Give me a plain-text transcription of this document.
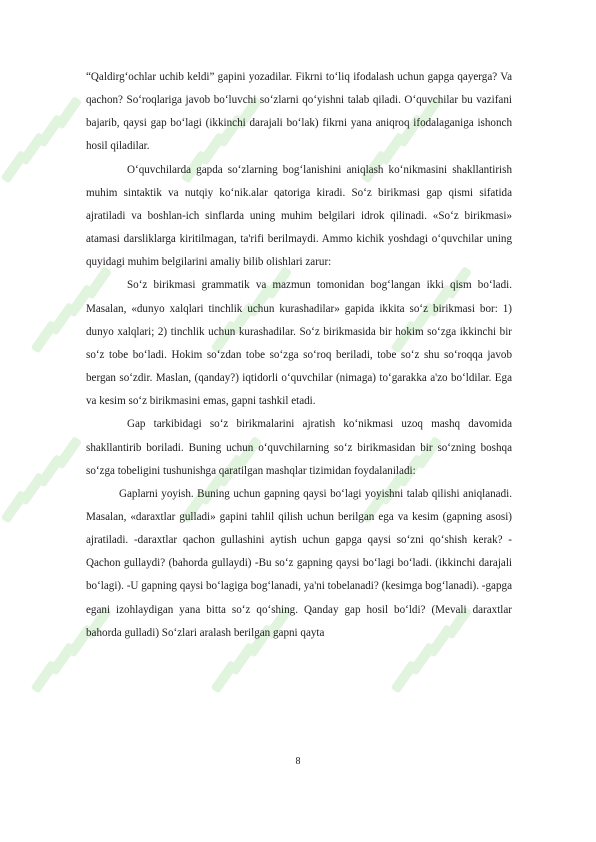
“Qaldirg‘ochlar uchib keldi” gapini yozadilar. Fikrni to‘liq ifodalash uchun gapga qayerga? Va qachon? So‘roqlariga javob bo‘luvchi so‘zlarni qo‘yishni talab qiladi. O‘quvchilar bu vazifani bajarib, qaysi gap bo‘lagi (ikkinchi darajali bo‘lak) fikrni yana aniqroq ifodalaganiga ishonch hosil qiladilar.

O‘quvchilarda gapda so‘zlarning bog‘lanishini aniqlash ko‘nikmasini shakllantirish muhim sintaktik va nutqiy ko‘nik.alar qatoriga kiradi. So‘z birikmasi gap qismi sifatida ajratiladi va boshlan-ich sinflarda uning muhim belgilari idrok qilinadi. «So‘z birikmasi» atamasi darsliklarga kiritilmagan, ta'rifi berilmaydi. Ammo kichik yoshdagi o‘quvchilar uning quyidagi muhim belgilarini amaliy bilib olishlari zarur:

So‘z birikmasi grammatik va mazmun tomonidan bog‘langan ikki qism bo‘ladi. Masalan, «dunyo xalqlari tinchlik uchun kurashadilar» gapida ikkita so‘z birikmasi bor: 1) dunyo xalqlari; 2) tinchlik uchun kurashadilar. So‘z birikmasida bir hokim so‘zga ikkinchi bir so‘z tobe bo‘ladi. Hokim so‘zdan tobe so‘zga so‘roq beriladi, tobe so‘z shu so‘roqqa javob bergan so‘zdir. Maslan, (qanday?) iqtidorli o‘quvchilar (nimaga) to‘garakka a'zo bo‘ldilar. Ega va kesim so‘z birikmasini emas, gapni tashkil etadi.

Gap tarkibidagi so‘z birikmalarini ajratish ko‘nikmasi uzoq mashq davomida

shakllantirib boriladi. Buning uchun o‘quvchilarning so‘z birikmasidan bir so‘zning boshqa so‘zga tobeligini tushunishga qaratilgan mashqlar tizimidan foydalaniladi:

Gaplarni yoyish. Buning uchun gapning qaysi bo‘lagi yoyishni talab qilishi aniqlanadi. Masalan, «daraxtlar gulladi» gapini tahlil qilish uchun berilgan ega va kesim (gapning asosi) ajratiladi. -daraxtlar qachon gullashini aytish uchun gapga qaysi so‘zni qo‘shish kerak? -Qachon gullaydi? (bahorda gullaydi) -Bu so‘z gapning qaysi bo‘lagi bo‘ladi. (ikkinchi darajali bo‘lagi). -U gapning qaysi bo‘lagiga bog‘lanadi, ya'ni tobelanadi? (kesimga bog‘lanadi). -gapga egani izohlaydigan yana bitta so‘z qo‘shing. Qanday gap hosil bo‘ldi? (Mevali daraxtlar bahorda gulladi) So‘zlari aralash berilgan gapni qayta

8
